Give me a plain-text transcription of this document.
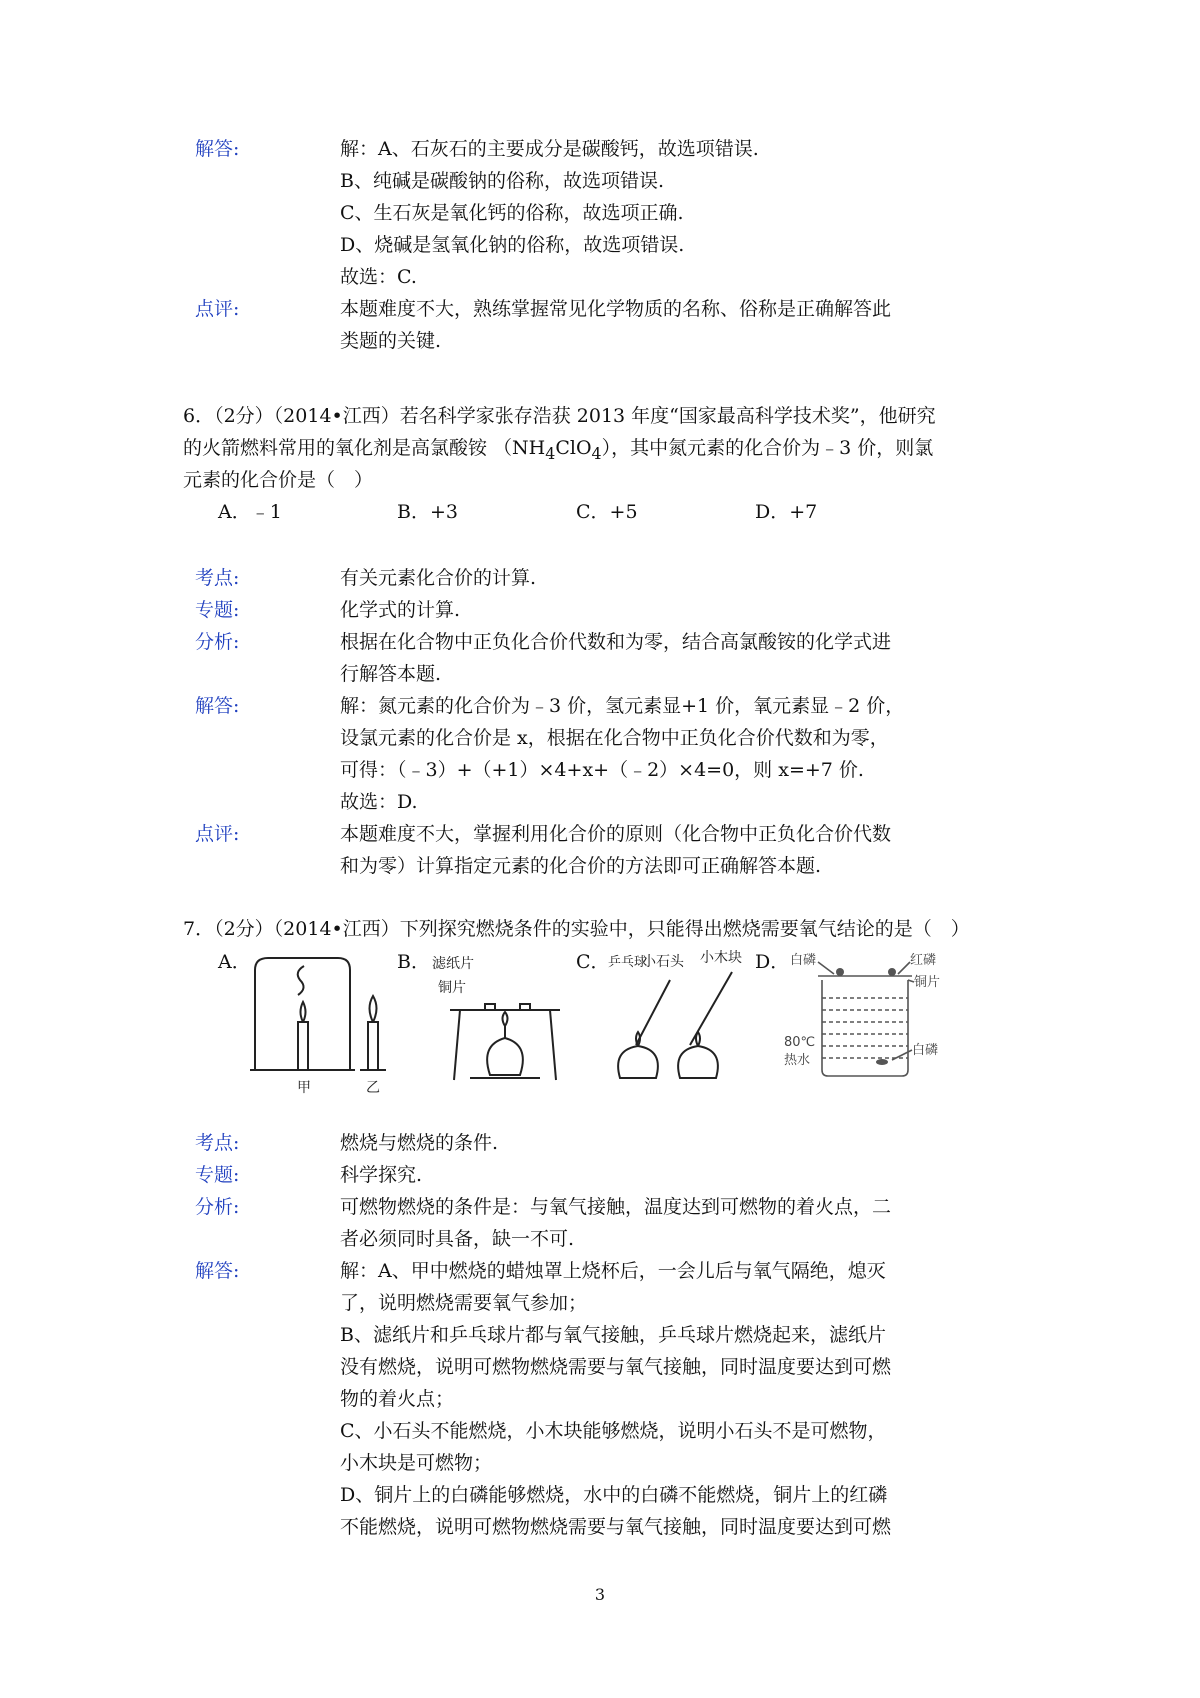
解答:	解：A、石灰石的主要成分是碳酸钙，故选项错误.
B、纯碱是碳酸钠的俗称，故选项错误.
C、生石灰是氧化钙的俗称，故选项正确.
D、烧碱是氢氧化钠的俗称，故选项错误.
故选：C.
点评:	本题难度不大，熟练掌握常见化学物质的名称、俗称是正确解答此
类题的关键.
6．（2分）（2014•江西）若名科学家张存浩获 2013 年度“国家最高科学技术奖”，他研究
的火箭燃料常用的氧化剂是高氯酸铵 $(NH_4ClO_4)$，其中氮元素的化合价为﹣3 价，则氯
元素的化合价是（　）
A．﹣1	B．+3	C．+5	D．+7
考点:	有关元素化合价的计算.
专题:	化学式的计算.
分析:	根据在化合物中正负化合价代数和为零，结合高氯酸铵的化学式进
行解答本题.
解答:	解：氮元素的化合价为﹣3 价，氢元素显+1 价，氧元素显﹣2 价，
设氯元素的化合价是 x，根据在化合物中正负化合价代数和为零，
可得：（﹣3）+（+1）×4+x+（﹣2）×4=0，则 x=+7 价.
故选：D.
点评:	本题难度不大，掌握利用化合价的原则（化合物中正负化合价代数
和为零）计算指定元素的化合价的方法即可正确解答本题.
7．（2分）（2014•江西）下列探究燃烧条件的实验中，只能得出燃烧需要氧气结论的是（　）
A．	B．	C．	D．
甲	乙
滤纸片
铜片
乒乓球
小石头 小木块	白磷	红磷
铜片
80℃
热水
白磷
考点:	燃烧与燃烧的条件.
专题:	科学探究.
分析:	可燃物燃烧的条件是：与氧气接触，温度达到可燃物的着火点，二
者必须同时具备，缺一不可.
解答:	解：A、甲中燃烧的蜡烛罩上烧杯后，一会儿后与氧气隔绝，熄灭
了，说明燃烧需要氧气参加；
B、滤纸片和乒乓球片都与氧气接触，乒乓球片燃烧起来，滤纸片
没有燃烧，说明可燃物燃烧需要与氧气接触，同时温度要达到可燃
物的着火点；
C、小石头不能燃烧，小木块能够燃烧，说明小石头不是可燃物，
小木块是可燃物；
D、铜片上的白磷能够燃烧，水中的白磷不能燃烧，铜片上的红磷
不能燃烧，说明可燃物燃烧需要与氧气接触，同时温度要达到可燃
3
